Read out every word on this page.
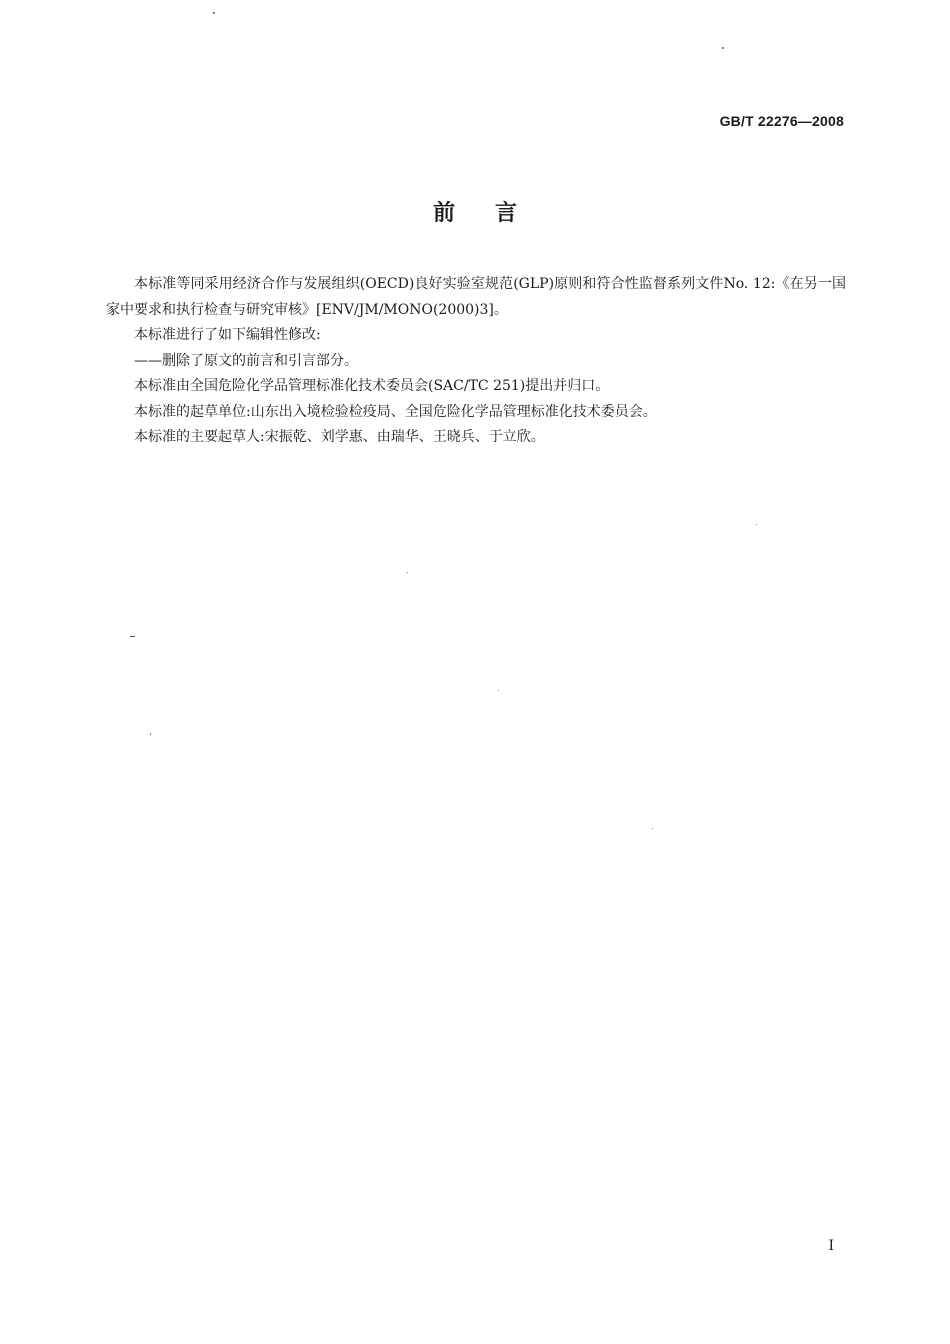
GB/T 22276—2008
前言

本标准等同采用经济合作与发展组织(OECD)良好实验室规范(GLP)原则和符合性监督系列文件No. 12:《在另一国家中要求和执行检查与研究审核》[ENV/JM/MONO(2000)3]。

本标准进行了如下编辑性修改:

——删除了原文的前言和引言部分。

本标准由全国危险化学品管理标准化技术委员会(SAC/TC 251)提出并归口。

本标准的起草单位:山东出入境检验检疫局、全国危险化学品管理标准化技术委员会。

本标准的主要起草人:宋振乾、刘学惠、由瑞华、王晓兵、于立欣。

I
